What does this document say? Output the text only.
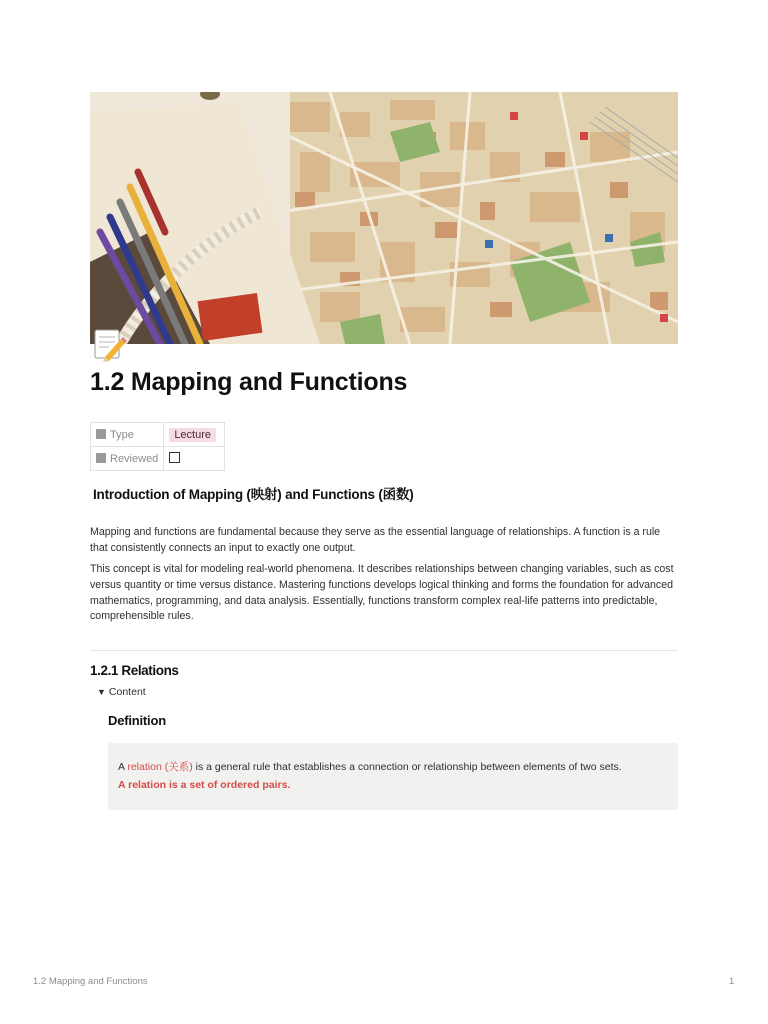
1.2 Mapping and Functions
Type	Lecture
Reviewed	
Introduction of Mapping (映射) and Functions (函数)

Mapping and functions are fundamental because they serve as the essential language of relationships. A function is a rule that consistently connects an input to exactly one output.

This concept is vital for modeling real-world phenomena. It describes relationships between changing variables, such as cost versus quantity or time versus distance. Mastering functions develops logical thinking and forms the foundation for advanced mathematics, programming, and data analysis. Essentially, functions transform complex real-life patterns into predictable, comprehensible rules.

1.2.1 Relations
▼ Content
Definition
A relation (关系) is a general rule that establishes a connection or relationship between elements of two sets.
A relation is a set of ordered pairs.
1.2 Mapping and Functions	1
